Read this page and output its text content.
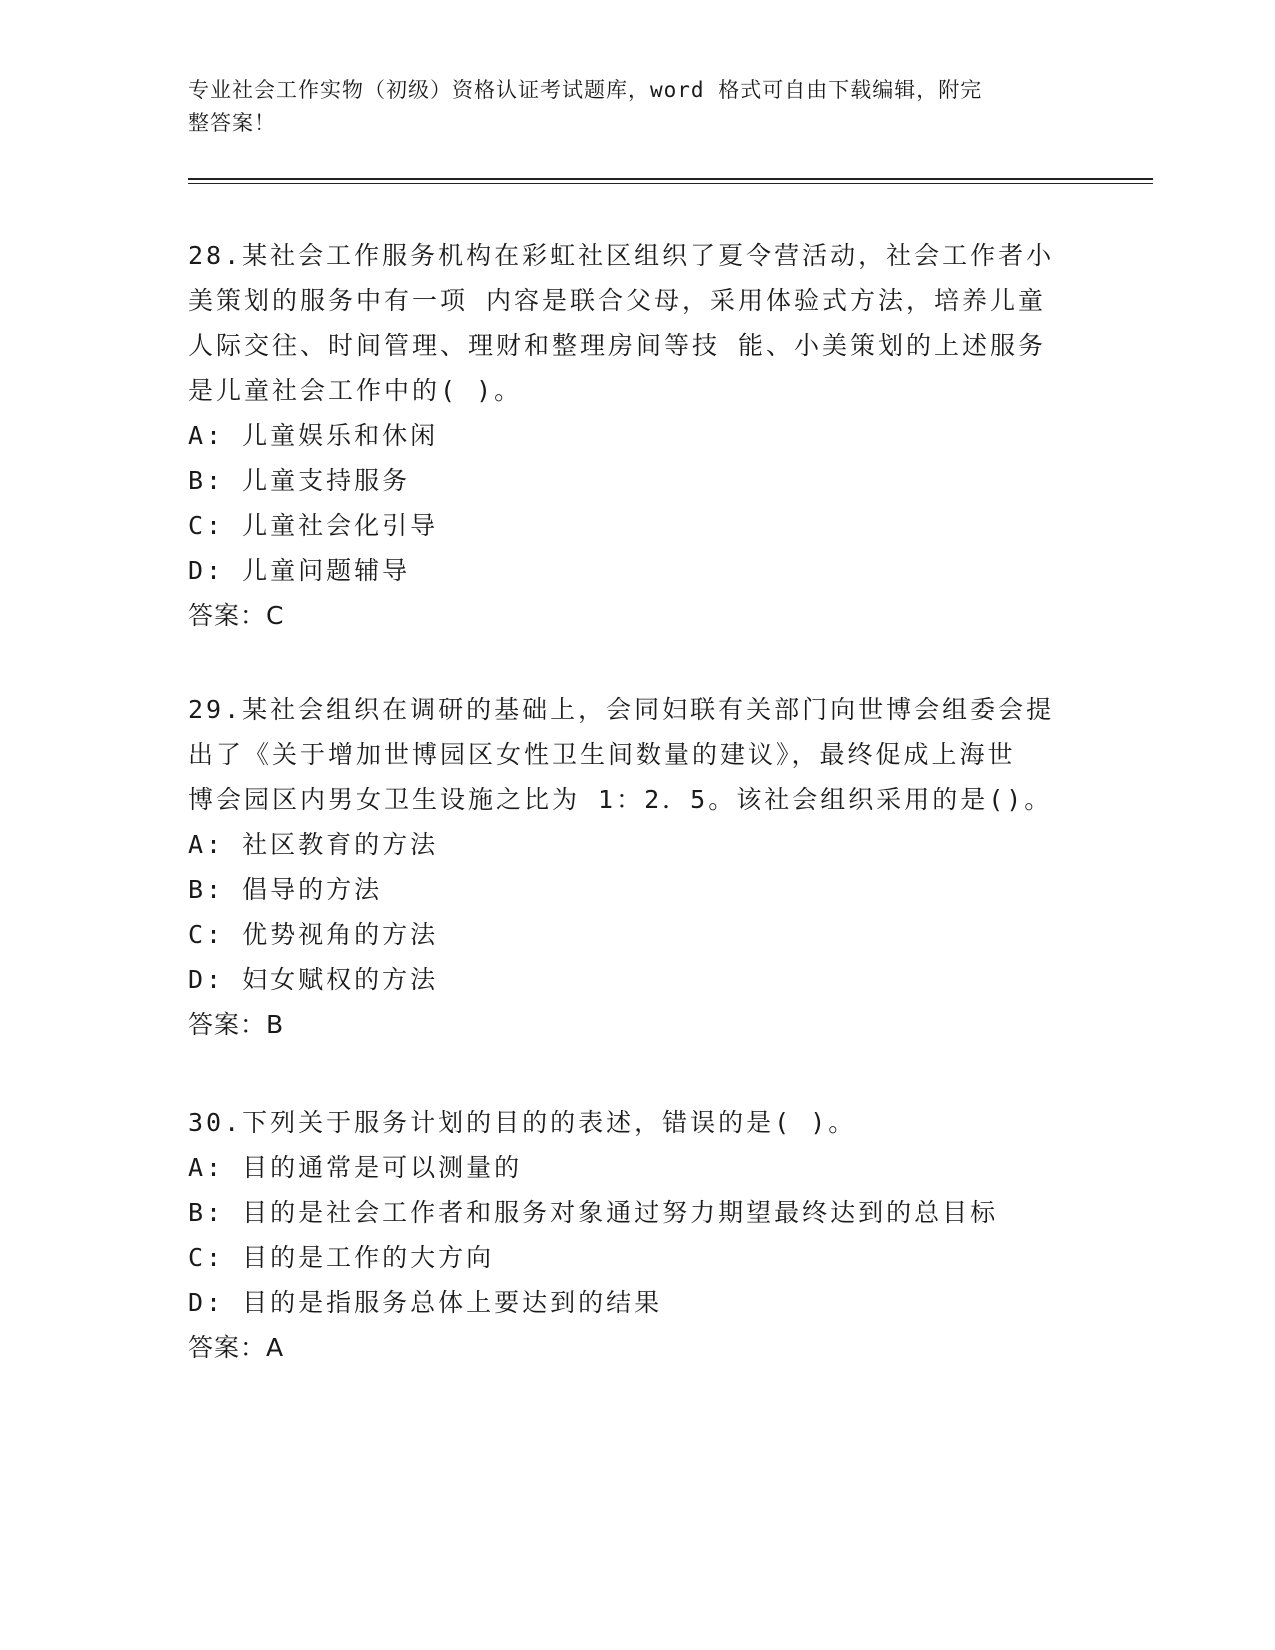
专业社会工作实物（初级）资格认证考试题库，word 格式可自由下载编辑，附完
整答案！

28.某社会工作服务机构在彩虹社区组织了夏令营活动，社会工作者小

美策划的服务中有一项 内容是联合父母，采用体验式方法，培养儿童

人际交往、时间管理、理财和整理房间等技 能、小美策划的上述服务

是儿童社会工作中的( )。

A: 儿童娱乐和休闲

B: 儿童支持服务

C: 儿童社会化引导

D: 儿童问题辅导

答案：C

29.某社会组织在调研的基础上，会同妇联有关部门向世博会组委会提

出了《关于增加世博园区女性卫生间数量的建议》，最终促成上海世

博会园区内男女卫生设施之比为 1：2．5。该社会组织采用的是()。

A: 社区教育的方法

B: 倡导的方法

C: 优势视角的方法

D: 妇女赋权的方法

答案：B

30.下列关于服务计划的目的的表述，错误的是( )。

A: 目的通常是可以测量的

B: 目的是社会工作者和服务对象通过努力期望最终达到的总目标

C: 目的是工作的大方向

D: 目的是指服务总体上要达到的结果

答案：A
